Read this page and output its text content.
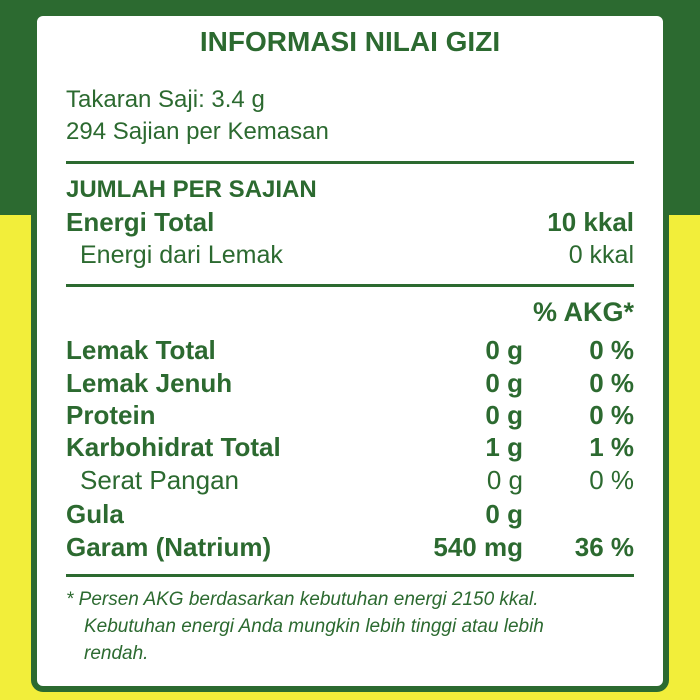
INFORMASI NILAI GIZI
Takaran Saji: 3.4 g
294 Sajian per Kemasan
JUMLAH PER SAJIAN
Energi Total	10 kkal
Energi dari Lemak	0 kkal
% AKG*
Lemak Total	0 g	0 %
Lemak Jenuh	0 g	0 %
Protein	0 g	0 %
Karbohidrat Total	1 g	1 %
Serat Pangan	0 g	0 %
Gula	0 g
Garam (Natrium)	540 mg 36 %
* Persen AKG berdasarkan kebutuhan energi 2150 kkal.
Kebutuhan energi Anda mungkin lebih tinggi atau lebih
rendah.
